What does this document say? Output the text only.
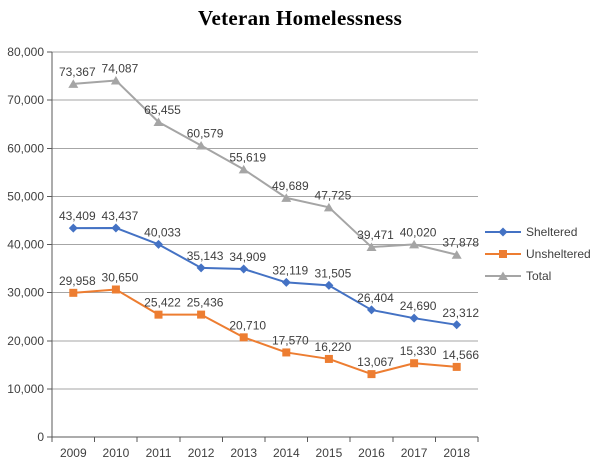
Veteran Homelessness
0
10,000
20,000
30,000
40,000
50,000
60,000
70,000
80,000
2009 2010 2011 2012 2013 2014 2015 2016 2017 2018
43,409 43,437
40,033
35,143 34,909
32,119 31,505
26,404
24,690 23,312
29,958 30,650
25,422 25,436
20,710
17,570 16,220
13,067
15,330 14,566
73,367 74,087
65,455
60,579
55,619
49,689
47,725
39,471 40,020
37,878
Sheltered
Unsheltered
Total
